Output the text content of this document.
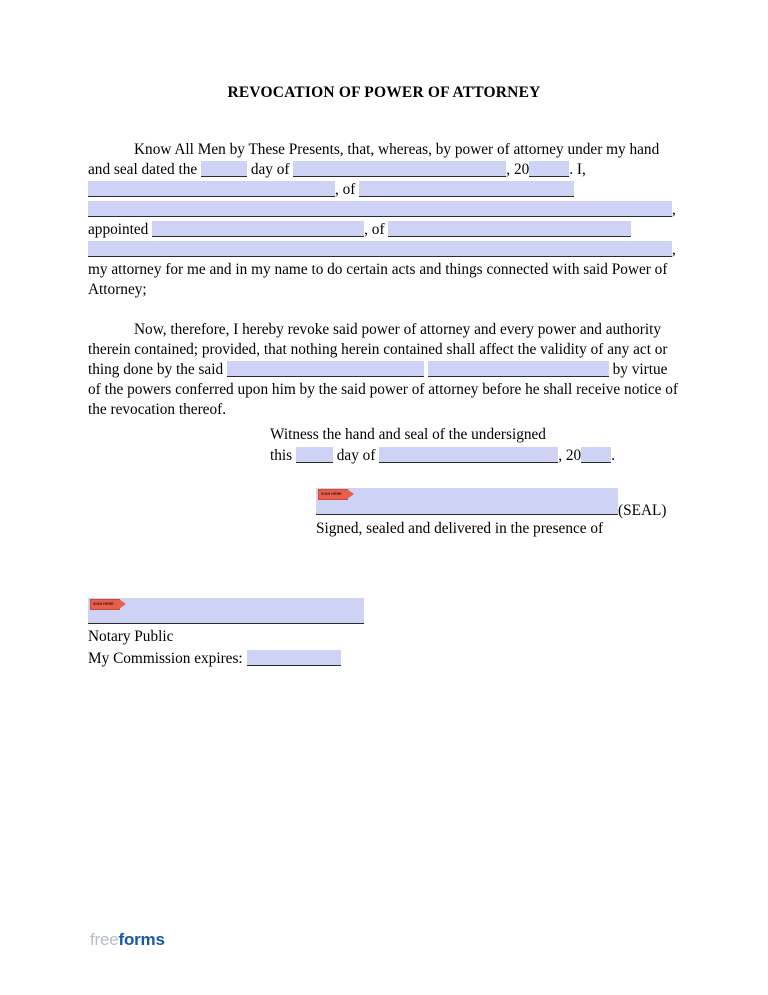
REVOCATION OF POWER OF ATTORNEY

Know All Men by These Presents, that, whereas, by power of attorney under my hand and seal dated the	day of	, 20	. I, , of  , appointed	, of  , my attorney for me and in my name to do certain acts and things connected with said Power of Attorney;

Now, therefore, I hereby revoke said power of attorney and every power and authority therein contained; provided, that nothing herein contained shall affect the validity of any act or thing done by the said	by virtue of the powers conferred upon him by the said power of attorney before he shall receive notice of the revocation thereof.

Witness the hand and seal of the undersigned
this	day of	, 20 .
SIGN HERE
(SEAL)
Signed, sealed and delivered in the presence of
SIGN HERE
Notary Public
My Commission expires:
freeforms
